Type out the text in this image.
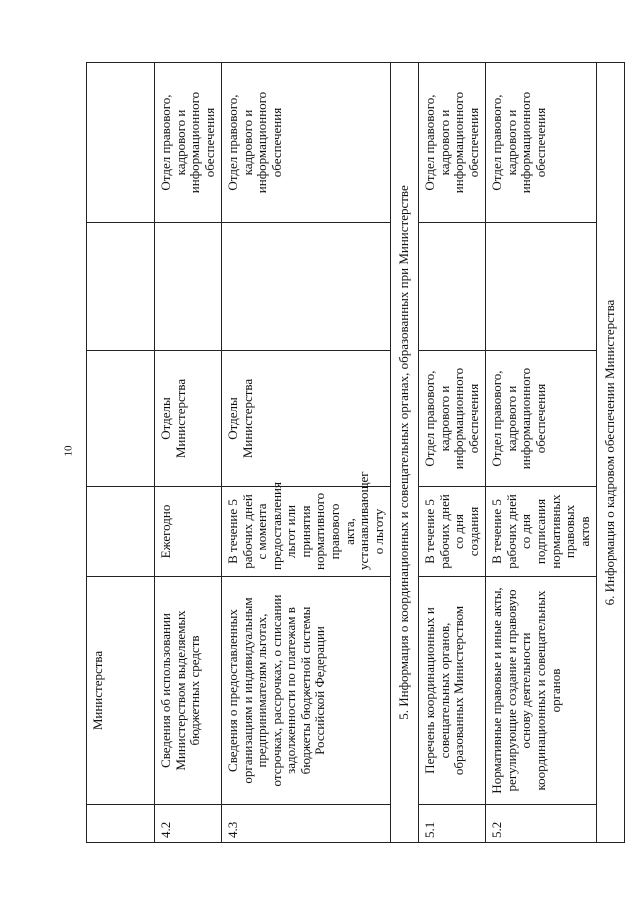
10
	Министерства				
4.2	Сведения об использовании Министерством выделяемых бюджетных средств	Ежегодно	Отделы Министерства		Отдел правового, кадрового и информационного обеспечения
4.3	Сведения о предоставленных организациям и индивидуальным предпринимателям льготах, отсрочках, рассрочках, о списании задолженности по платежам в бюджеты бюджетной системы Российской Федерации	В течение 5 рабочих дней с момента предоставления льгот или принятия нормативного правового акта, устанавливающег о льготу	Отделы Министерства		Отдел правового, кадрового и информационного обеспечения
5. Информация о координационных и совещательных органах, образованных при Министерстве					
5.1	Перечень координационных и совещательных органов, образованных Министерством	В течение 5 рабочих дней со дня создания	Отдел правового, кадрового и информационного обеспечения		Отдел правового, кадрового и информационного обеспечения
5.2	Нормативные правовые и иные акты, регулирующие создание и правовую основу деятельности координационных и совещательных органов	В течение 5 рабочих дней со дня подписания нормативных правовых актов	Отдел правового, кадрового и информационного обеспечения		Отдел правового, кадрового и информационного обеспечения
6. Информация о кадровом обеспечении Министерства					
